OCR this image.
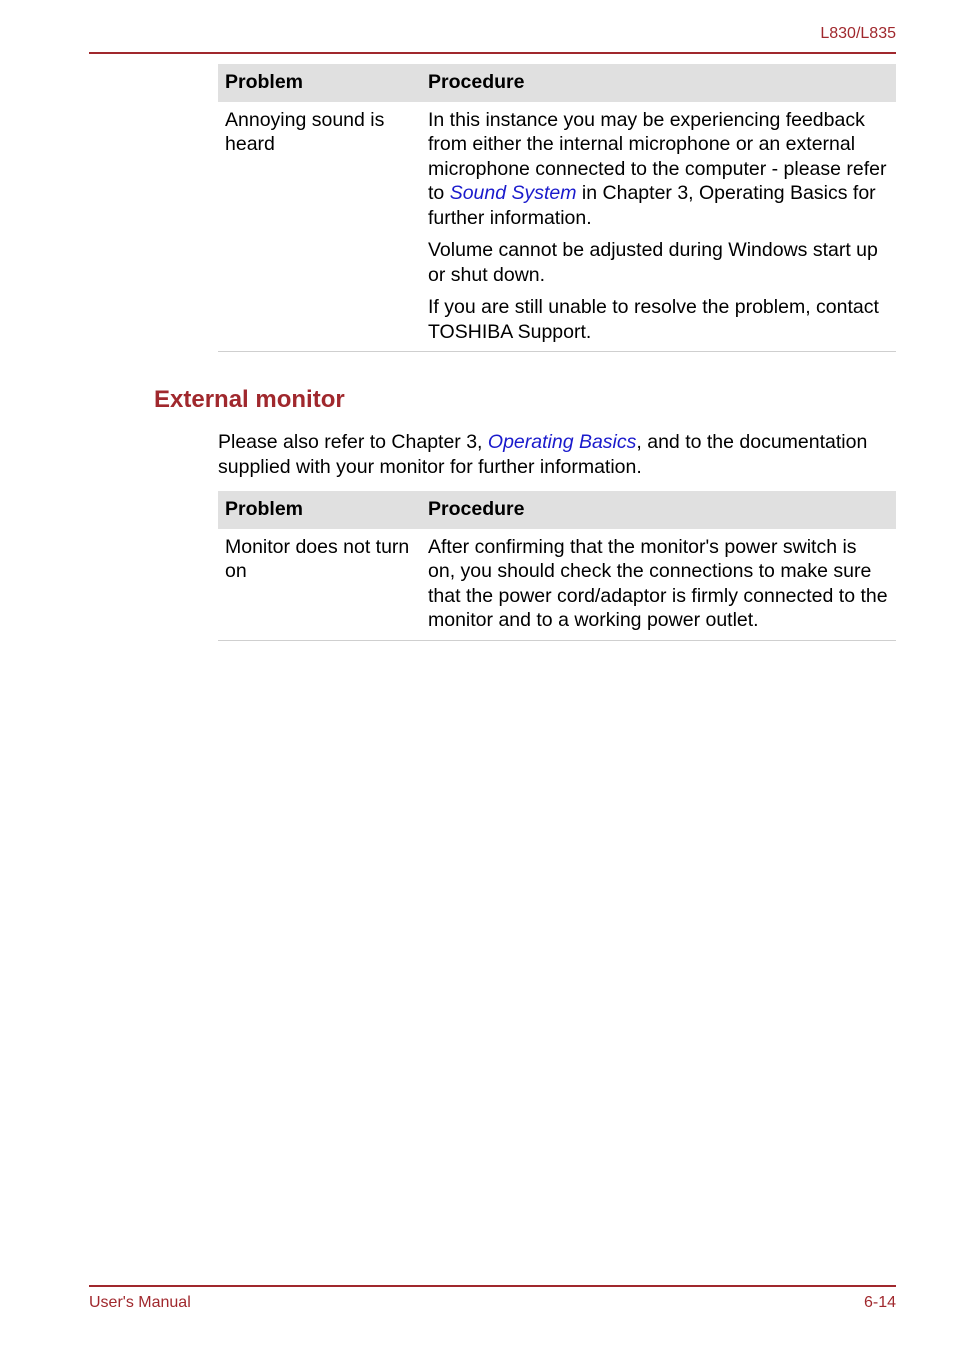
L830/L835
Problem	Procedure
Annoying sound is heard	In this instance you may be experiencing feedback from either the internal microphone or an external microphone connected to the computer - please refer to Sound System in Chapter 3, Operating Basics for further information.

Volume cannot be adjusted during Windows start up or shut down.

If you are still unable to resolve the problem, contact TOSHIBA Support.

External monitor
Please also refer to Chapter 3, Operating Basics, and to the documentation supplied with your monitor for further information.
Problem	Procedure
Monitor does not turn on	After confirming that the monitor's power switch is on, you should check the connections to make sure that the power cord/adaptor is firmly connected to the monitor and to a working power outlet.
User's Manual	6-14
